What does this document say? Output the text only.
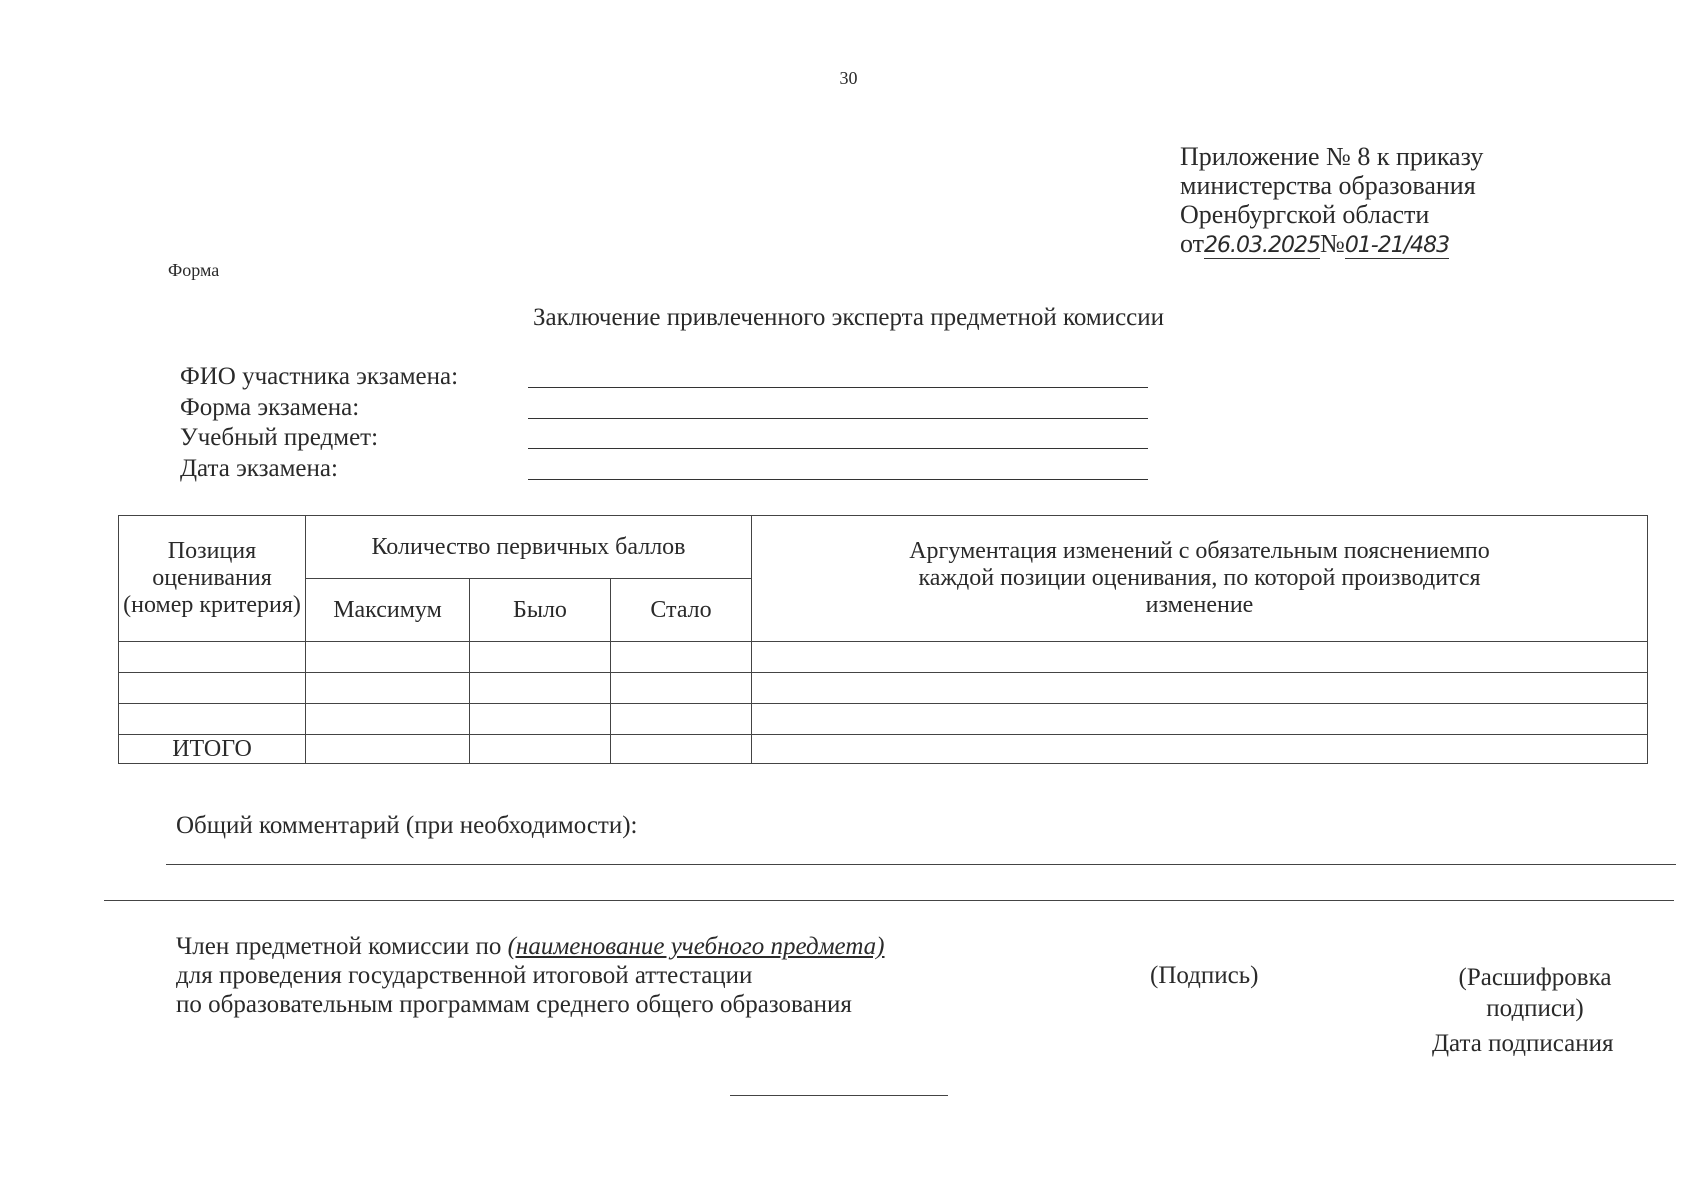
30
Приложение № 8 к приказу
министерства образования
Оренбургской области
от26.03.2025№01-21/483
Форма
Заключение привлеченного эксперта предметной комиссии
ФИО участника экзамена:
Форма экзамена:
Учебный предмет:
Дата экзамена:
Позиция оценивания (номер критерия)	Количество первичных баллов			Аргументация изменений с обязательным пояснениемпо каждой позиции оценивания, по которой производится изменение
	Максимум	Было	Стало	

ИТОГО				
Общий комментарий (при необходимости):
Член предметной комиссии по (наименование учебного предмета)
для проведения государственной итоговой аттестации
по образовательным программам среднего общего образования
(Подпись)	(Расшифровка подписи)
Дата подписания
